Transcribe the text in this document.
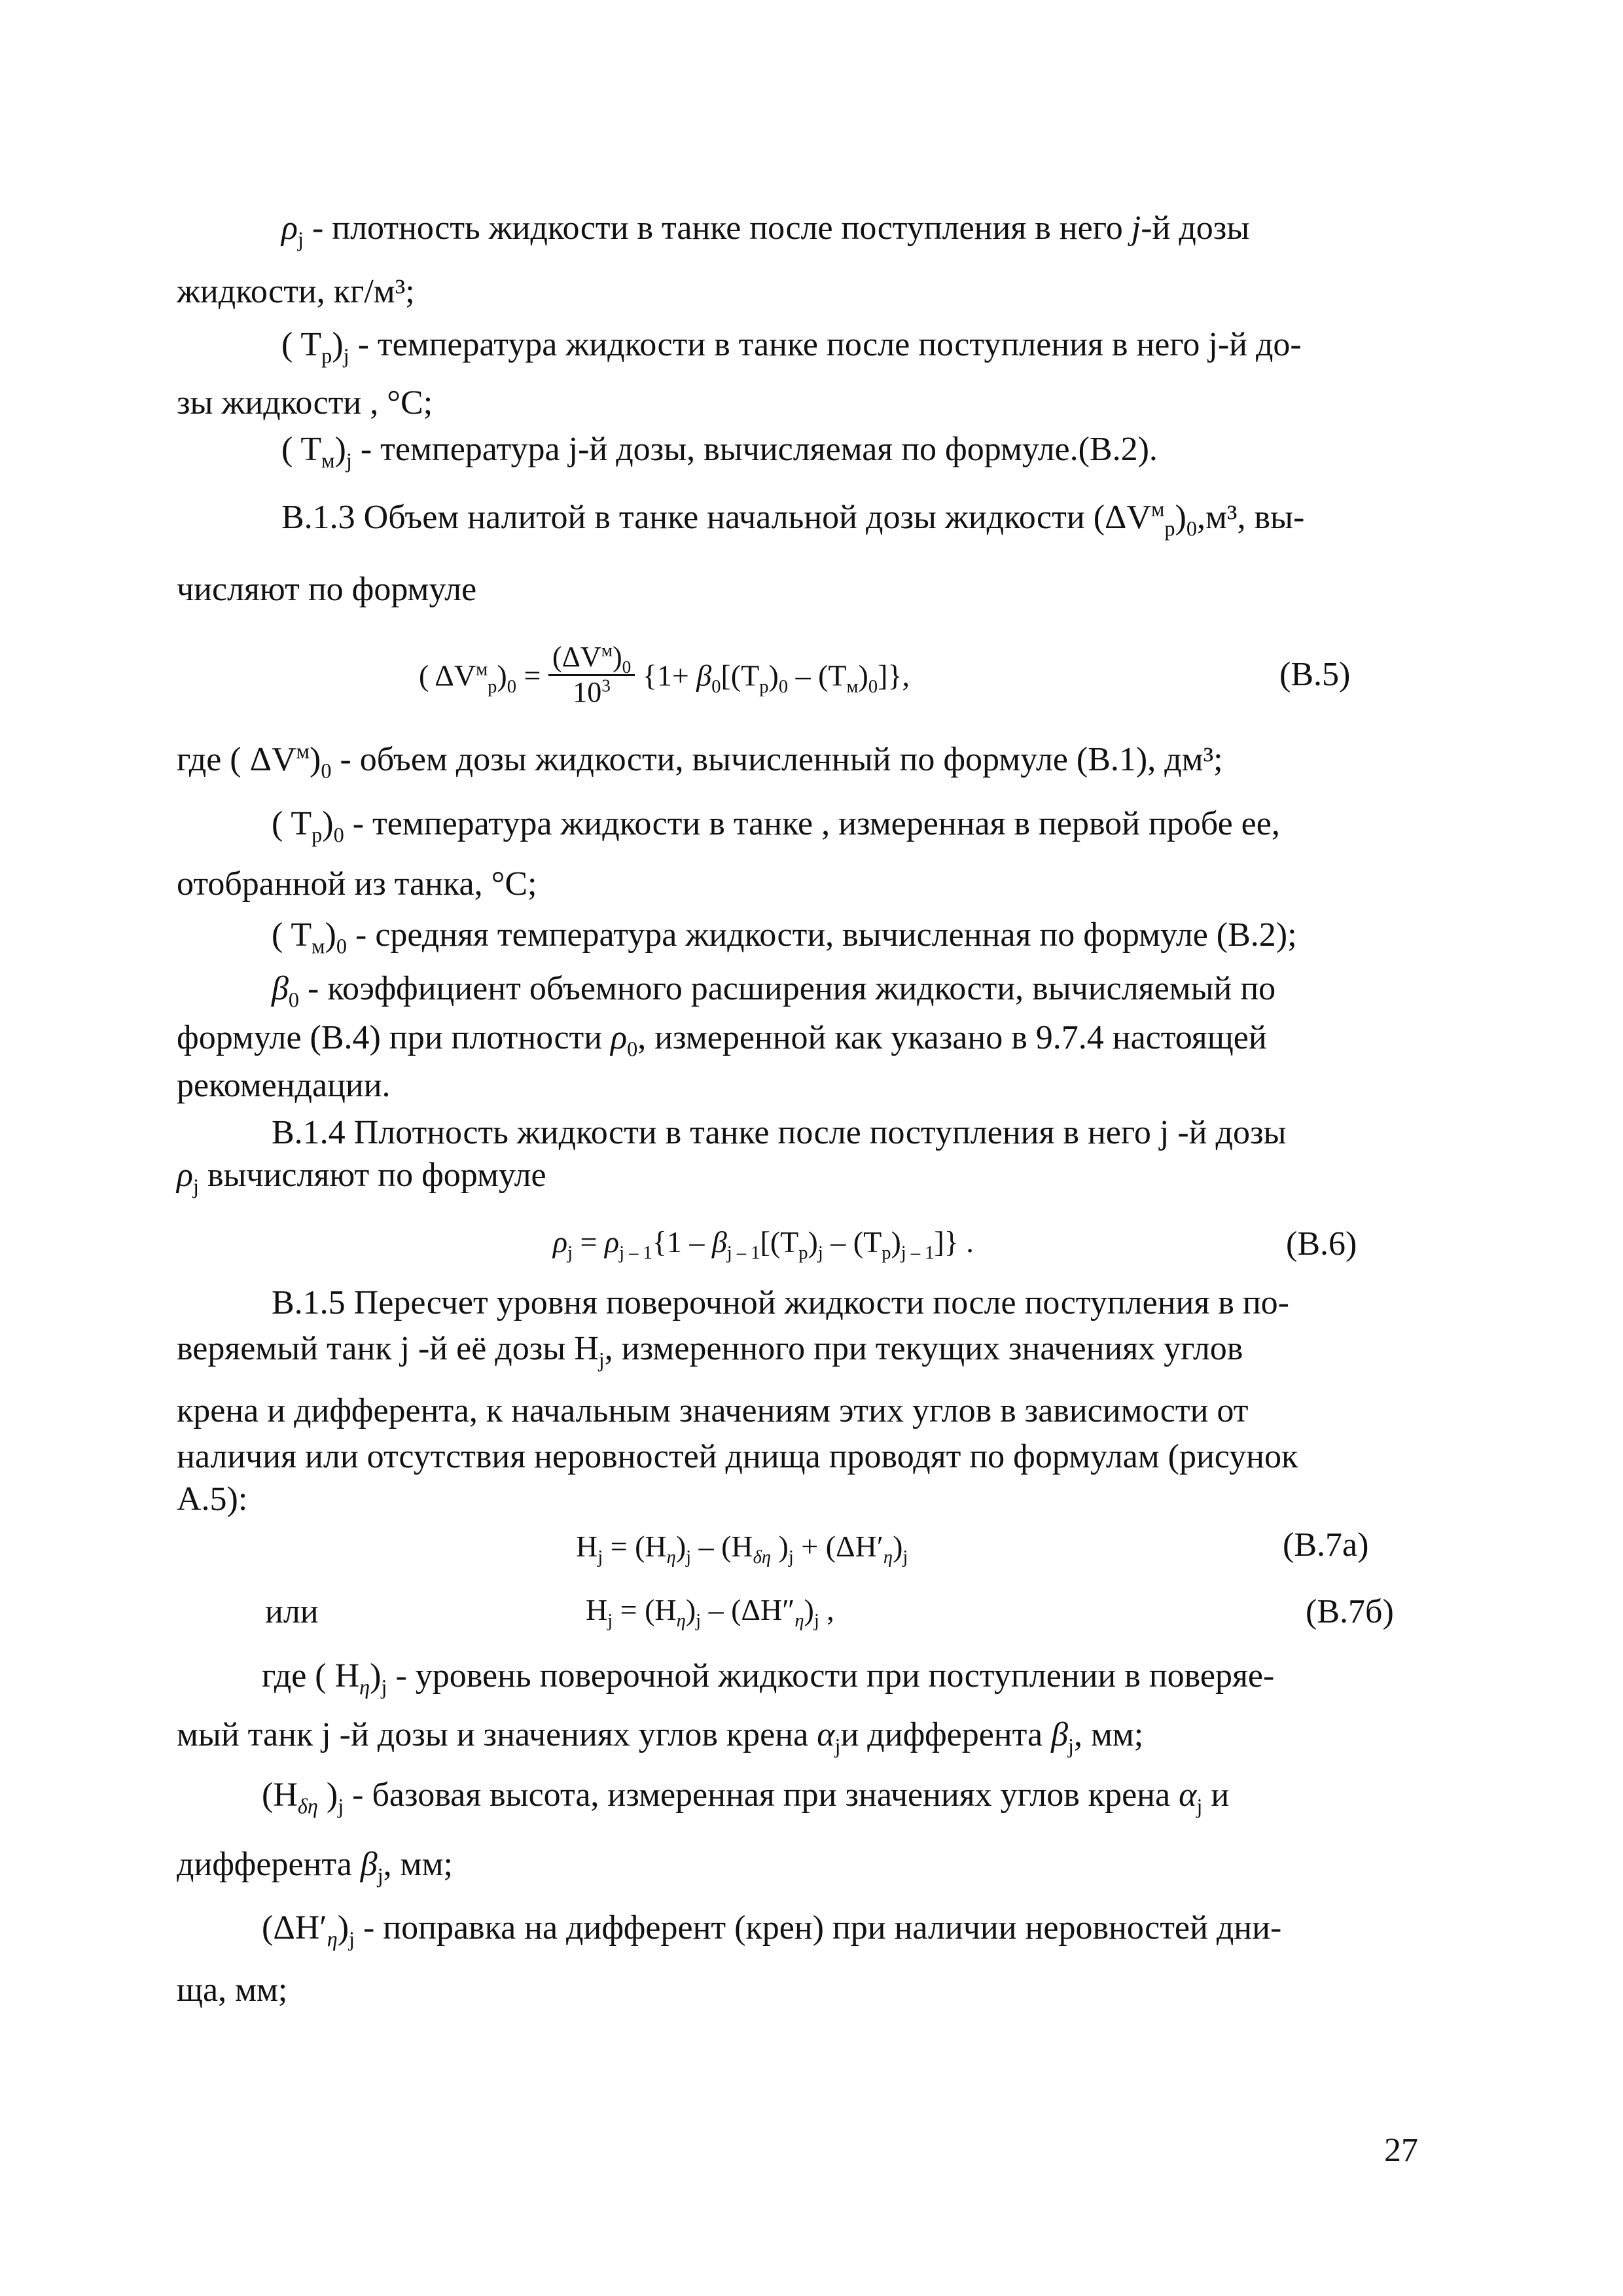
$\rho_j$ - плотность жидкости в танке после поступления в него j-й дозы
жидкости, кг/м³;
( $T_p)_j$ - температура жидкости в танке после поступления в него j-й до-
зы жидкости , °С;
( $T_м)_j$ - температура j-й дозы, вычисляемая по формуле.(В.2).
В.1.3 Объем налитой в танке начальной дозы жидкости $(\Delta V^м_p)_0,м^3$, вы-
числяют по формуле
( $\Delta V^м_p)_0 = \frac{(\Delta V^м)_0}{10^3} \{1+ \beta_0[(T_p)_0 - (T_м)_0]\}$,	(В.5)
где ( $\Delta V^м)_0$ - объем дозы жидкости, вычисленный по формуле (В.1), дм³;
( $T_p)_0$ - температура жидкости в танке , измеренная в первой пробе ее,
отобранной из танка, °С;
( $T_м)_0$ - средняя температура жидкости, вычисленная по формуле (В.2);
$\beta_0$ - коэффициент объемного расширения жидкости, вычисляемый по
формуле (В.4) при плотности $\rho_0$, измеренной как указано в 9.7.4 настоящей
рекомендации.
В.1.4 Плотность жидкости в танке после поступления в него j -й дозы
$\rho_j$ вычисляют по формуле
$\rho_j = \rho_{j - 1}\{1 - \beta_{j - 1}[(T_p)_j - (T_p)_{j - 1}]\}$ .	(В.6)
В.1.5 Пересчет уровня поверочной жидкости после поступления в по-
веряемый танк j -й её дозы $H_j$, измеренного при текущих значениях углов
крена и дифферента, к начальным значениям этих углов в зависимости от
наличия или отсутствия неровностей днища проводят по формулам (рисунок
А.5):
$H_j = (H_\eta)_j - (H_{\delta\eta}$ )$_j + (\Delta H'_\eta)_j$	(В.7а)
или	$H_j = (H_\eta)_j - (\Delta H''_\eta)_j$ ,	(В.7б)
где ( $H_\eta)_j$ - уровень поверочной жидкости при поступлении в поверяе-
мый танк j -й дозы и значениях углов крена $\alpha_jи$ дифферента $\beta_j$, мм;
($H_{\delta\eta}$ )$_j$ - базовая высота, измеренная при значениях углов крена $\alpha_j$ и
дифферента $\beta_j$, мм;
$(\Delta H'_\eta)_j$ - поправка на дифферент (крен) при наличии неровностей дни-
ща, мм;
27
